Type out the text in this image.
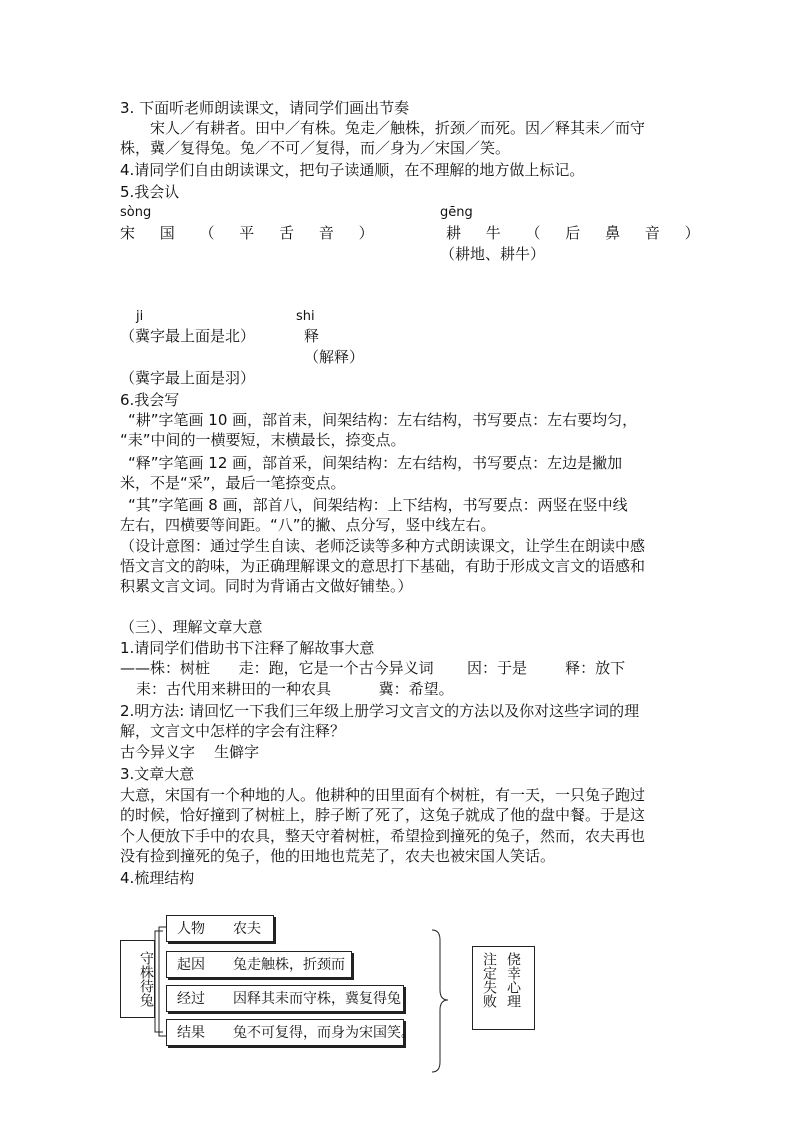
3. 下面听老师朗读课文，请同学们画出节奏
宋人／有耕者。田中／有株。兔走／触株，折颈／而死。因／释其耒／而守
株，冀／复得兔。兔／不可／复得，而／身为／宋国／笑。
4.请同学们自由朗读课文，把句子读通顺，在不理解的地方做上标记。
5.我会认
sòng	gēng
宋 国 （ 平 舌 音 ）	耕 牛 （ 后 鼻 音 ）
（耕地、耕牛）
ji	shi
（冀字最上面是北）	释
（解释）
（冀字最上面是羽）
6.我会写
“耕”字笔画 10 画，部首耒，间架结构：左右结构，书写要点：左右要均匀，
“耒”中间的一横要短，末横最长，捺变点。
“释”字笔画 12 画，部首釆，间架结构：左右结构，书写要点：左边是撇加
米，不是“采”，最后一笔捺变点。
“其”字笔画 8 画，部首八，间架结构：上下结构，书写要点：两竖在竖中线
左右，四横要等间距。“八”的撇、点分写，竖中线左右。
（设计意图：通过学生自读、老师泛读等多种方式朗读课文，让学生在朗读中感
悟文言文的韵味，为正确理解课文的意思打下基础，有助于形成文言文的语感和
积累文言文词。同时为背诵古文做好铺垫。）
（三）、理解文章大意
1.请同学们借助书下注释了解故事大意
——株：树桩      走：跑，它是一个古今异义词       因：于是        释：放下
耒：古代用来耕田的一种农具          冀：希望。
2.明方法: 请回忆一下我们三年级上册学习文言文的方法以及你对这些字词的理
解，文言文中怎样的字会有注释？
古今异义字    生僻字
3.文章大意
大意，宋国有一个种地的人。他耕种的田里面有个树桩，有一天，一只兔子跑过
的时候，恰好撞到了树桩上，脖子断了死了，这兔子就成了他的盘中餐。于是这
个人便放下手中的农具，整天守着树桩，希望捡到撞死的兔子，然而，农夫再也
没有捡到撞死的兔子，他的田地也荒芜了，农夫也被宋国人笑话。
4.梳理结构
守株待兔
人物 农夫
起因 兔走触株，折颈而
经过 因释其耒而守株，冀复得兔
结果 兔不可复得，而身为宋国笑。
注定失败 侥幸心理
